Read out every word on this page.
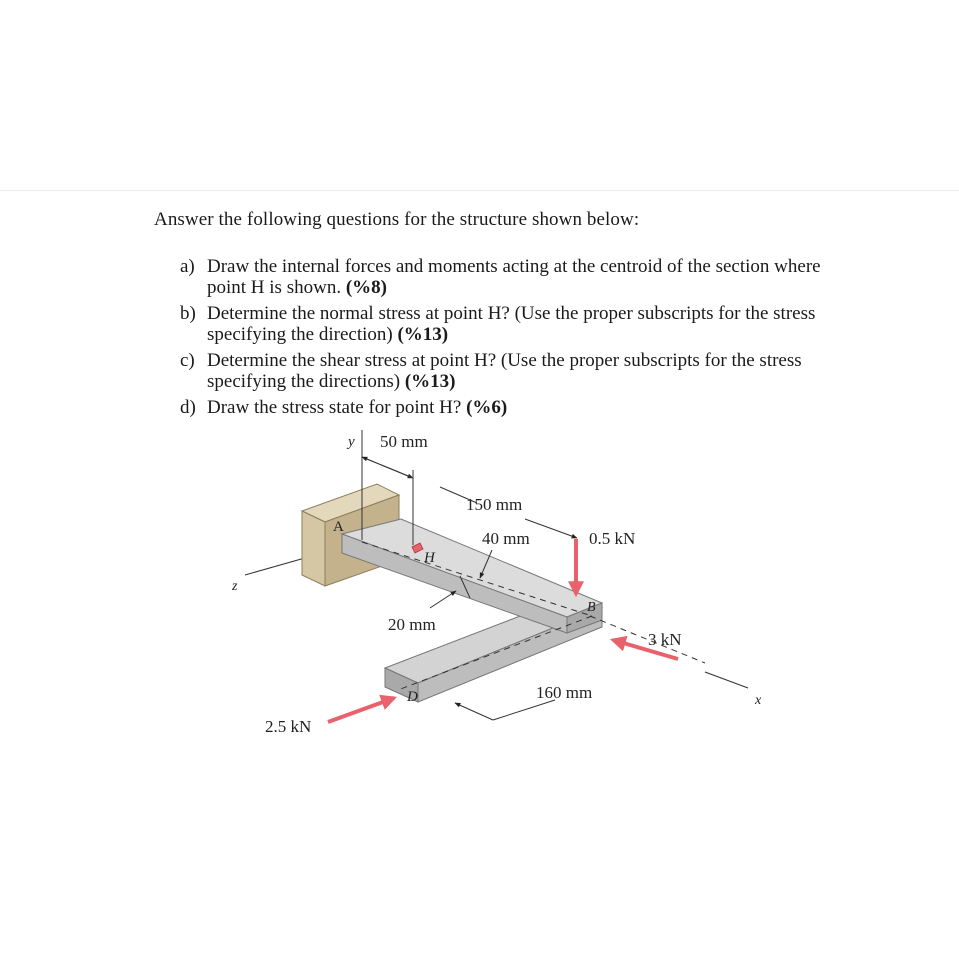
Answer the following questions for the structure shown below:
a) Draw the internal forces and moments acting at the centroid of the section where point H is shown. (%8)
b) Determine the normal stress at point H? (Use the proper subscripts for the stress specifying the direction) (%13)
c) Determine the shear stress at point H? (Use the proper subscripts for the stress specifying the directions) (%13)
d) Draw the stress state for point H? (%6)
y 50 mm
150 mm
40 mm	0.5 kN
A
H
z
B
20 mm
3 kN
D	160 mm	x
2.5 kN
